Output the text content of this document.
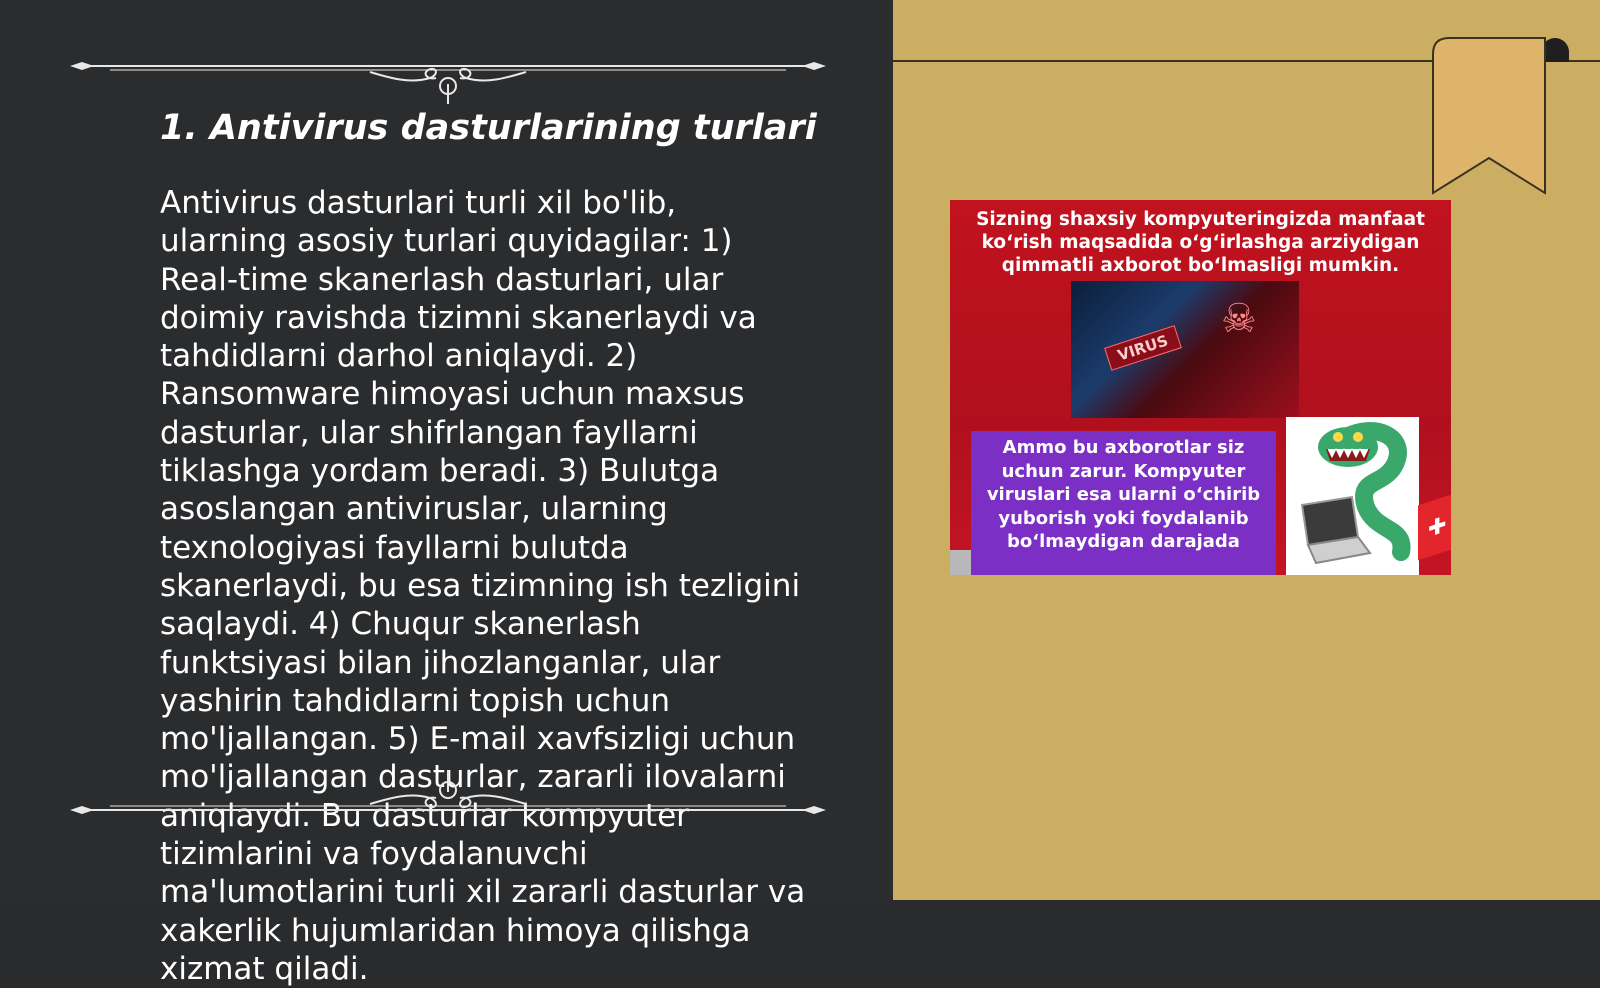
1. Antivirus dasturlarining turlari
Antivirus dasturlari turli xil bo'lib, ularning asosiy turlari quyidagilar: 1) Real-time skanerlash dasturlari, ular doimiy ravishda tizimni skanerlaydi va tahdidlarni darhol aniqlaydi. 2) Ransomware himoyasi uchun maxsus dasturlar, ular shifrlangan fayllarni tiklashga yordam beradi. 3) Bulutga asoslangan antiviruslar, ularning texnologiyasi fayllarni bulutda skanerlaydi, bu esa tizimning ish tezligini saqlaydi. 4) Chuqur skanerlash funktsiyasi bilan jihozlanganlar, ular yashirin tahdidlarni topish uchun mo'ljallangan. 5) E-mail xavfsizligi uchun mo'ljallangan dasturlar, zararli ilovalarni aniqlaydi. Bu dasturlar kompyuter tizimlarini va foydalanuvchi ma'lumotlarini turli xil zararli dasturlar va xakerlik hujumlaridan himoya qilishga xizmat qiladi.
Sizning shaxsiy kompyuteringizda manfaat ko‘rish maqsadida o‘g‘irlashga arziydigan qimmatli axborot bo‘lmasligi mumkin.
VIRUS
☠
Ammo bu axborotlar siz uchun zarur. Kompyuter viruslari esa ularni o‘chirib yuborish yoki foydalanib bo‘lmaydigan darajada	✚
